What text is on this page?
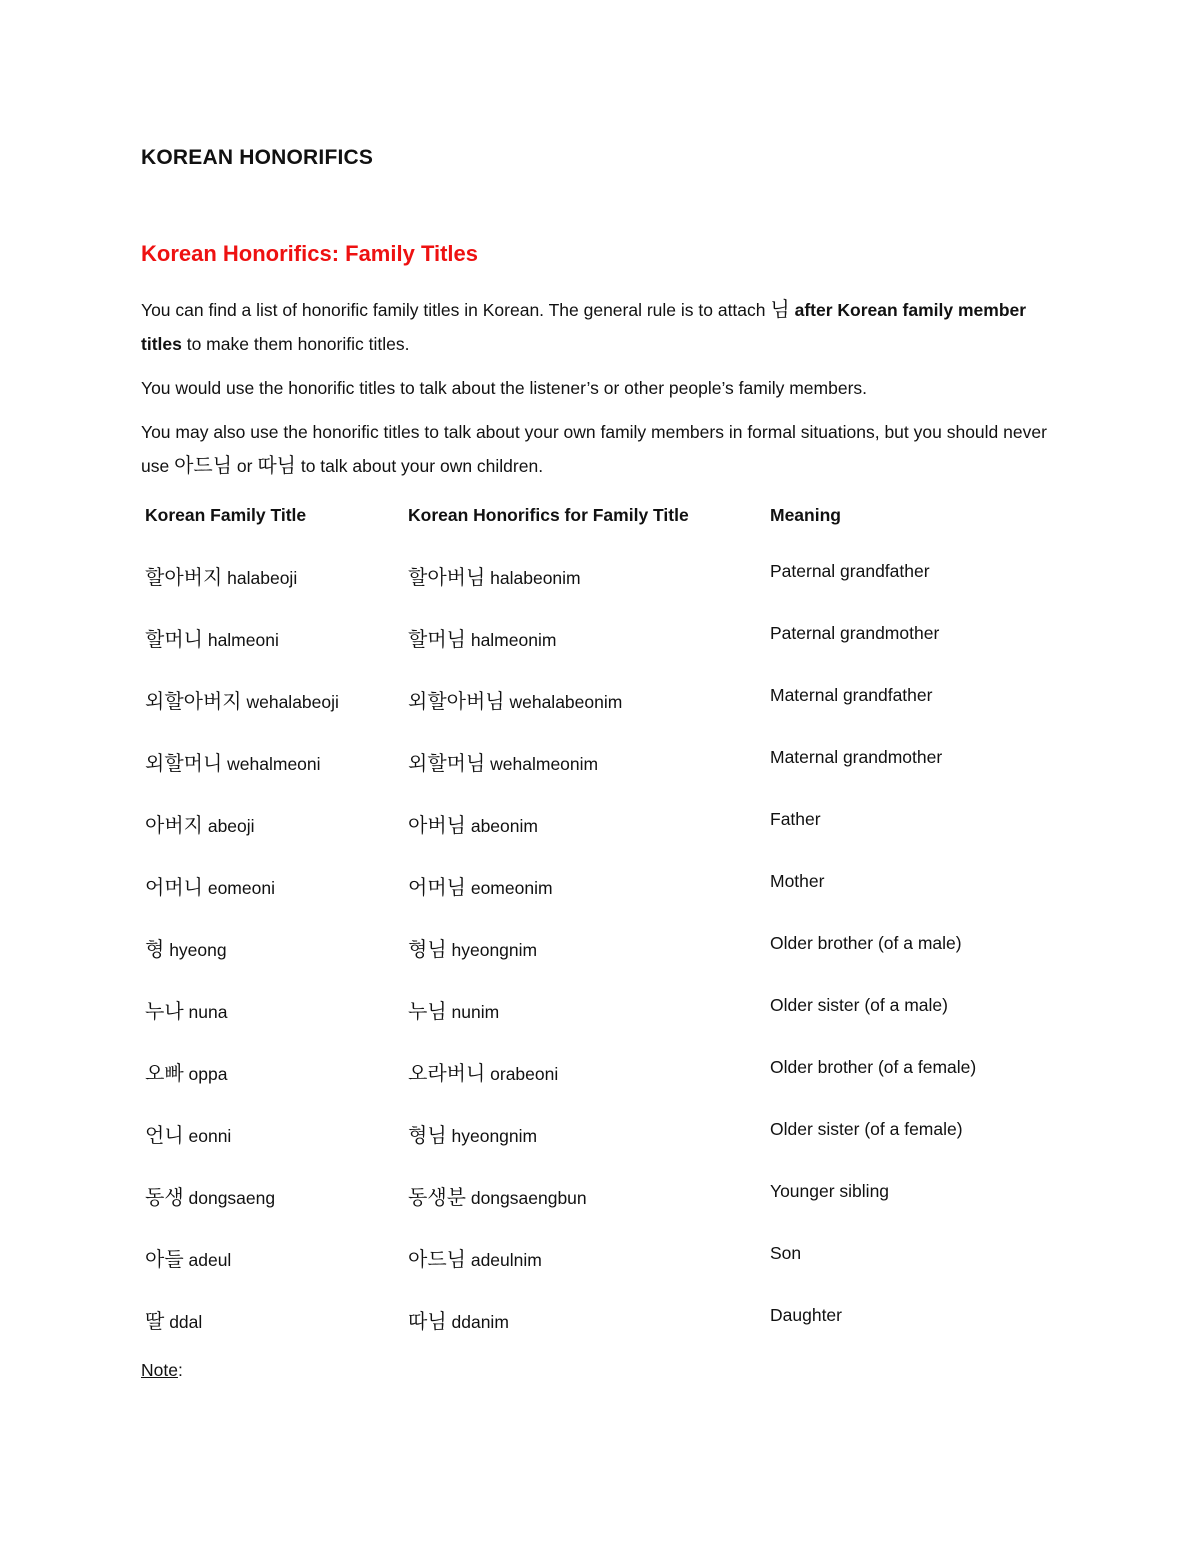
KOREAN HONORIFICS
Korean Honorifics: Family Titles
You can find a list of honorific family titles in Korean. The general rule is to attach 님 after Korean family member titles to make them honorific titles.
You would use the honorific titles to talk about the listener’s or other people’s family members.
You may also use the honorific titles to talk about your own family members in formal situations, but you should never use 아드님 or 따님 to talk about your own children.
Korean Family Title	Korean Honorifics for Family Title	Meaning
할아버지 halabeoji	할아버님 halabeonim	Paternal grandfather
할머니 halmeoni	할머님 halmeonim	Paternal grandmother
외할아버지 wehalabeoji	외할아버님 wehalabeonim	Maternal grandfather
외할머니 wehalmeoni	외할머님 wehalmeonim	Maternal grandmother
아버지 abeoji	아버님 abeonim	Father
어머니 eomeoni	어머님 eomeonim	Mother
형 hyeong	형님 hyeongnim	Older brother (of a male)
누나 nuna	누님 nunim	Older sister (of a male)
오빠 oppa	오라버니 orabeoni	Older brother (of a female)
언니 eonni	형님 hyeongnim	Older sister (of a female)
동생 dongsaeng	동생분 dongsaengbun	Younger sibling
아들 adeul	아드님 adeulnim	Son
딸 ddal	따님 ddanim	Daughter
Note:
